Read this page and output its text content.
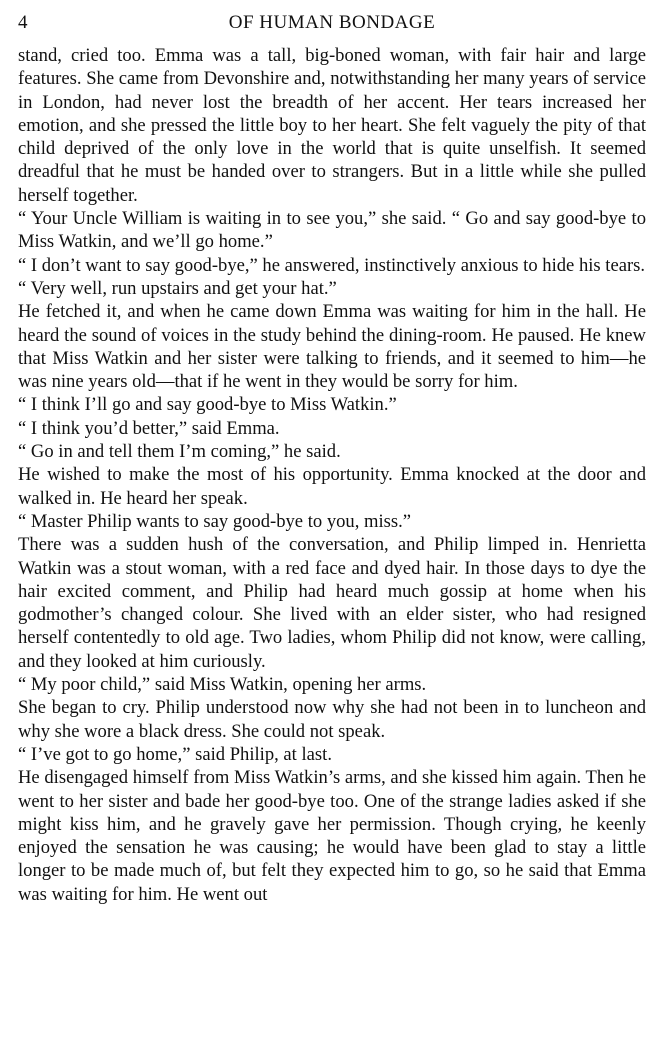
4	OF HUMAN BONDAGE

stand, cried too. Emma was a tall, big-boned woman, with fair hair and large features. She came from Devonshire and, notwithstanding her many years of service in London, had never lost the breadth of her accent. Her tears increased her emotion, and she pressed the little boy to her heart. She felt vaguely the pity of that child deprived of the only love in the world that is quite unselfish. It seemed dreadful that he must be handed over to strangers. But in a little while she pulled herself together.

“ Your Uncle William is waiting in to see you,” she said. “ Go and say good-bye to Miss Watkin, and we’ll go home.”

“ I don’t want to say good-bye,” he answered, instinctively anxious to hide his tears.

“ Very well, run upstairs and get your hat.”

He fetched it, and when he came down Emma was waiting for him in the hall. He heard the sound of voices in the study behind the dining-room. He paused. He knew that Miss Watkin and her sister were talking to friends, and it seemed to him—he was nine years old—that if he went in they would be sorry for him.

“ I think I’ll go and say good-bye to Miss Watkin.”

“ I think you’d better,” said Emma.

“ Go in and tell them I’m coming,” he said.

He wished to make the most of his opportunity. Emma knocked at the door and walked in. He heard her speak.

“ Master Philip wants to say good-bye to you, miss.”

There was a sudden hush of the conversation, and Philip limped in. Henrietta Watkin was a stout woman, with a red face and dyed hair. In those days to dye the hair excited comment, and Philip had heard much gossip at home when his godmother’s changed colour. She lived with an elder sister, who had resigned herself contentedly to old age. Two ladies, whom Philip did not know, were calling, and they looked at him curiously.

“ My poor child,” said Miss Watkin, opening her arms.

She began to cry. Philip understood now why she had not been in to luncheon and why she wore a black dress. She could not speak.

“ I’ve got to go home,” said Philip, at last.

He disengaged himself from Miss Watkin’s arms, and she kissed him again. Then he went to her sister and bade her good-bye too. One of the strange ladies asked if she might kiss him, and he gravely gave her permission. Though crying, he keenly enjoyed the sensation he was causing; he would have been glad to stay a little longer to be made much of, but felt they expected him to go, so he said that Emma was waiting for him. He went out
